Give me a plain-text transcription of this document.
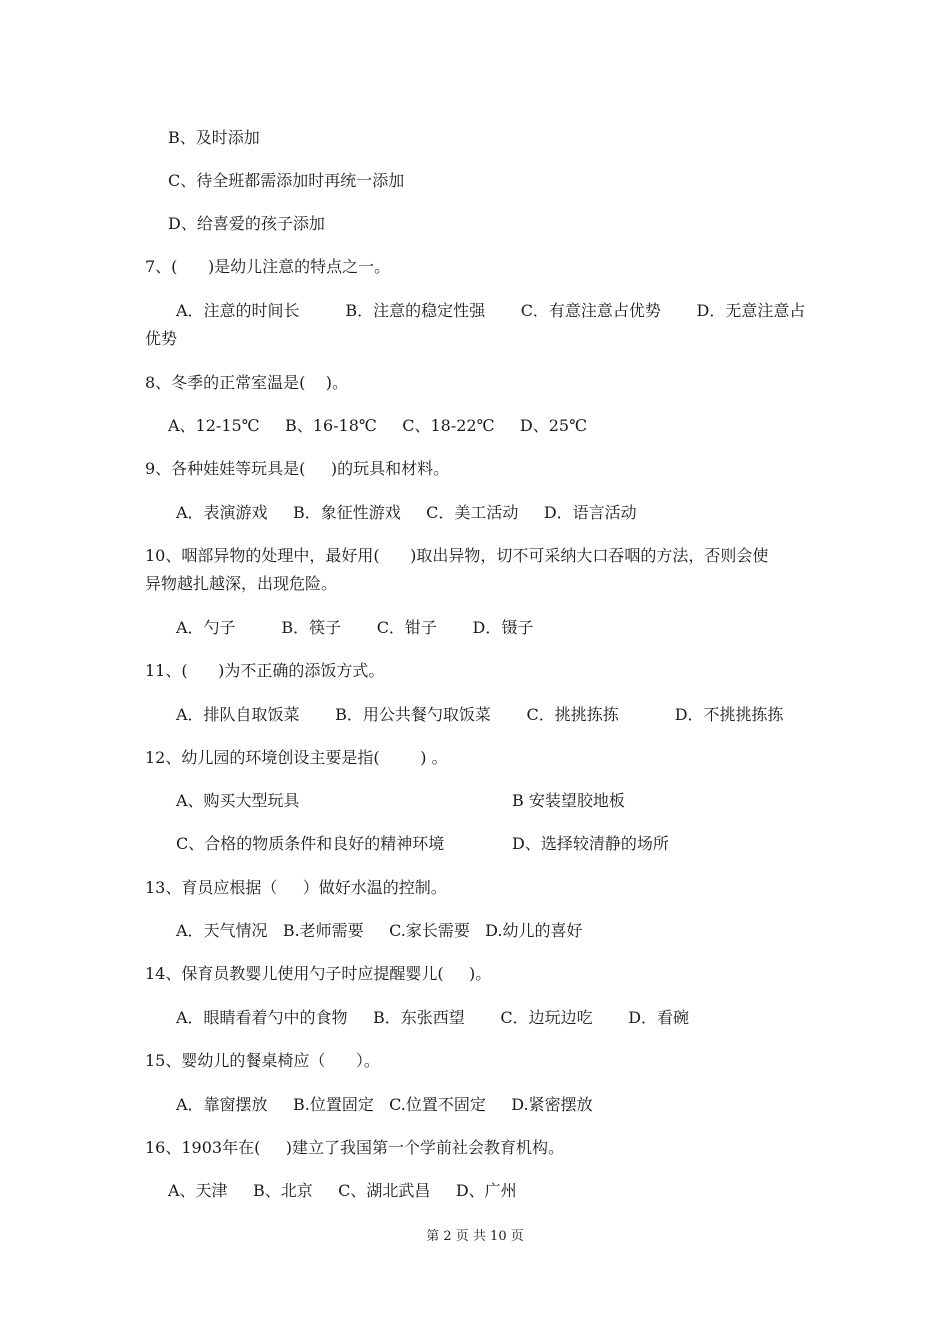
B、及时添加
C、待全班都需添加时再统一添加
D、给喜爱的孩子添加
7、(      )是幼儿注意的特点之一。
A．注意的时间长         B．注意的稳定性强       C．有意注意占优势       D．无意注意占
优势
8、冬季的正常室温是(    )。
A、12-15℃     B、16-18℃     C、18-22℃     D、25℃
9、各种娃娃等玩具是(     )的玩具和材料。
A．表演游戏     B．象征性游戏     C．美工活动     D．语言活动
10、咽部异物的处理中，最好用(      )取出异物，切不可采纳大口吞咽的方法，否则会使
异物越扎越深，出现危险。
A．勺子         B．筷子       C．钳子       D．镊子
11、(      )为不正确的添饭方式。
A．排队自取饭菜       B．用公共餐勺取饭菜       C．挑挑拣拣           D．不挑挑拣拣
12、幼儿园的环境创设主要是指(        ) 。
A、购买大型玩具	B 安装望胶地板
C、合格的物质条件和良好的精神环境	D、选择较清静的场所
13、育员应根据（     ）做好水温的控制。
A．天气情况   B.老师需要     C.家长需要   D.幼儿的喜好
14、保育员教婴儿使用勺子时应提醒婴儿(     )。
A．眼睛看着勺中的食物     B．东张西望       C．边玩边吃       D．看碗
15、婴幼儿的餐桌椅应（      ）。
A．靠窗摆放     B.位置固定   C.位置不固定     D.紧密摆放
16、1903年在(     )建立了我国第一个学前社会教育机构。
A、天津     B、北京     C、湖北武昌     D、广州
第 2 页 共 10 页
